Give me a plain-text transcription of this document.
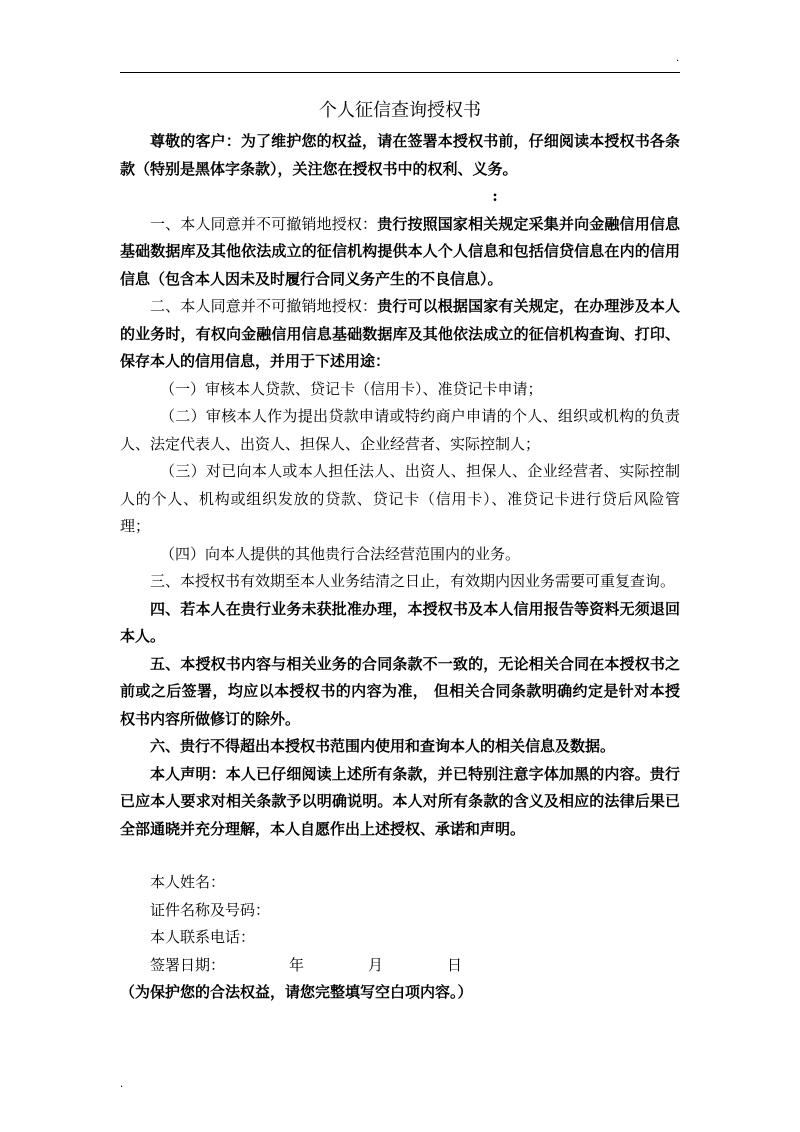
·
个人征信查询授权书

尊敬的客户：为了维护您的权益，请在签署本授权书前，仔细阅读本授权书各条款（特别是黑体字条款），关注您在授权书中的权利、义务。

:

一、本人同意并不可撤销地授权：贵行按照国家相关规定采集并向金融信用信息基础数据库及其他依法成立的征信机构提供本人个人信息和包括信贷信息在内的信用信息（包含本人因未及时履行合同义务产生的不良信息）。

二、本人同意并不可撤销地授权：贵行可以根据国家有关规定，在办理涉及本人的业务时，有权向金融信用信息基础数据库及其他依法成立的征信机构查询、打印、保存本人的信用信息，并用于下述用途：

（一）审核本人贷款、贷记卡（信用卡）、准贷记卡申请；

（二）审核本人作为提出贷款申请或特约商户申请的个人、组织或机构的负责人、法定代表人、出资人、担保人、企业经营者、实际控制人；

（三）对已向本人或本人担任法人、出资人、担保人、企业经营者、实际控制人的个人、机构或组织发放的贷款、贷记卡（信用卡）、准贷记卡进行贷后风险管理；

（四）向本人提供的其他贵行合法经营范围内的业务。

三、本授权书有效期至本人业务结清之日止，有效期内因业务需要可重复查询。

四、若本人在贵行业务未获批准办理，本授权书及本人信用报告等资料无须退回本人。

五、本授权书内容与相关业务的合同条款不一致的，无论相关合同在本授权书之前或之后签署，均应以本授权书的内容为准， 但相关合同条款明确约定是针对本授权书内容所做修订的除外。

六、贵行不得超出本授权书范围内使用和查询本人的相关信息及数据。

本人声明：本人已仔细阅读上述所有条款，并已特别注意字体加黑的内容。贵行已应本人要求对相关条款予以明确说明。本人对所有条款的含义及相应的法律后果已全部通晓并充分理解，本人自愿作出上述授权、承诺和声明。

本人姓名：

证件名称及号码：

本人联系电话：

签署日期：	年	月	日

（为保护您的合法权益，请您完整填写空白项内容。）

·
